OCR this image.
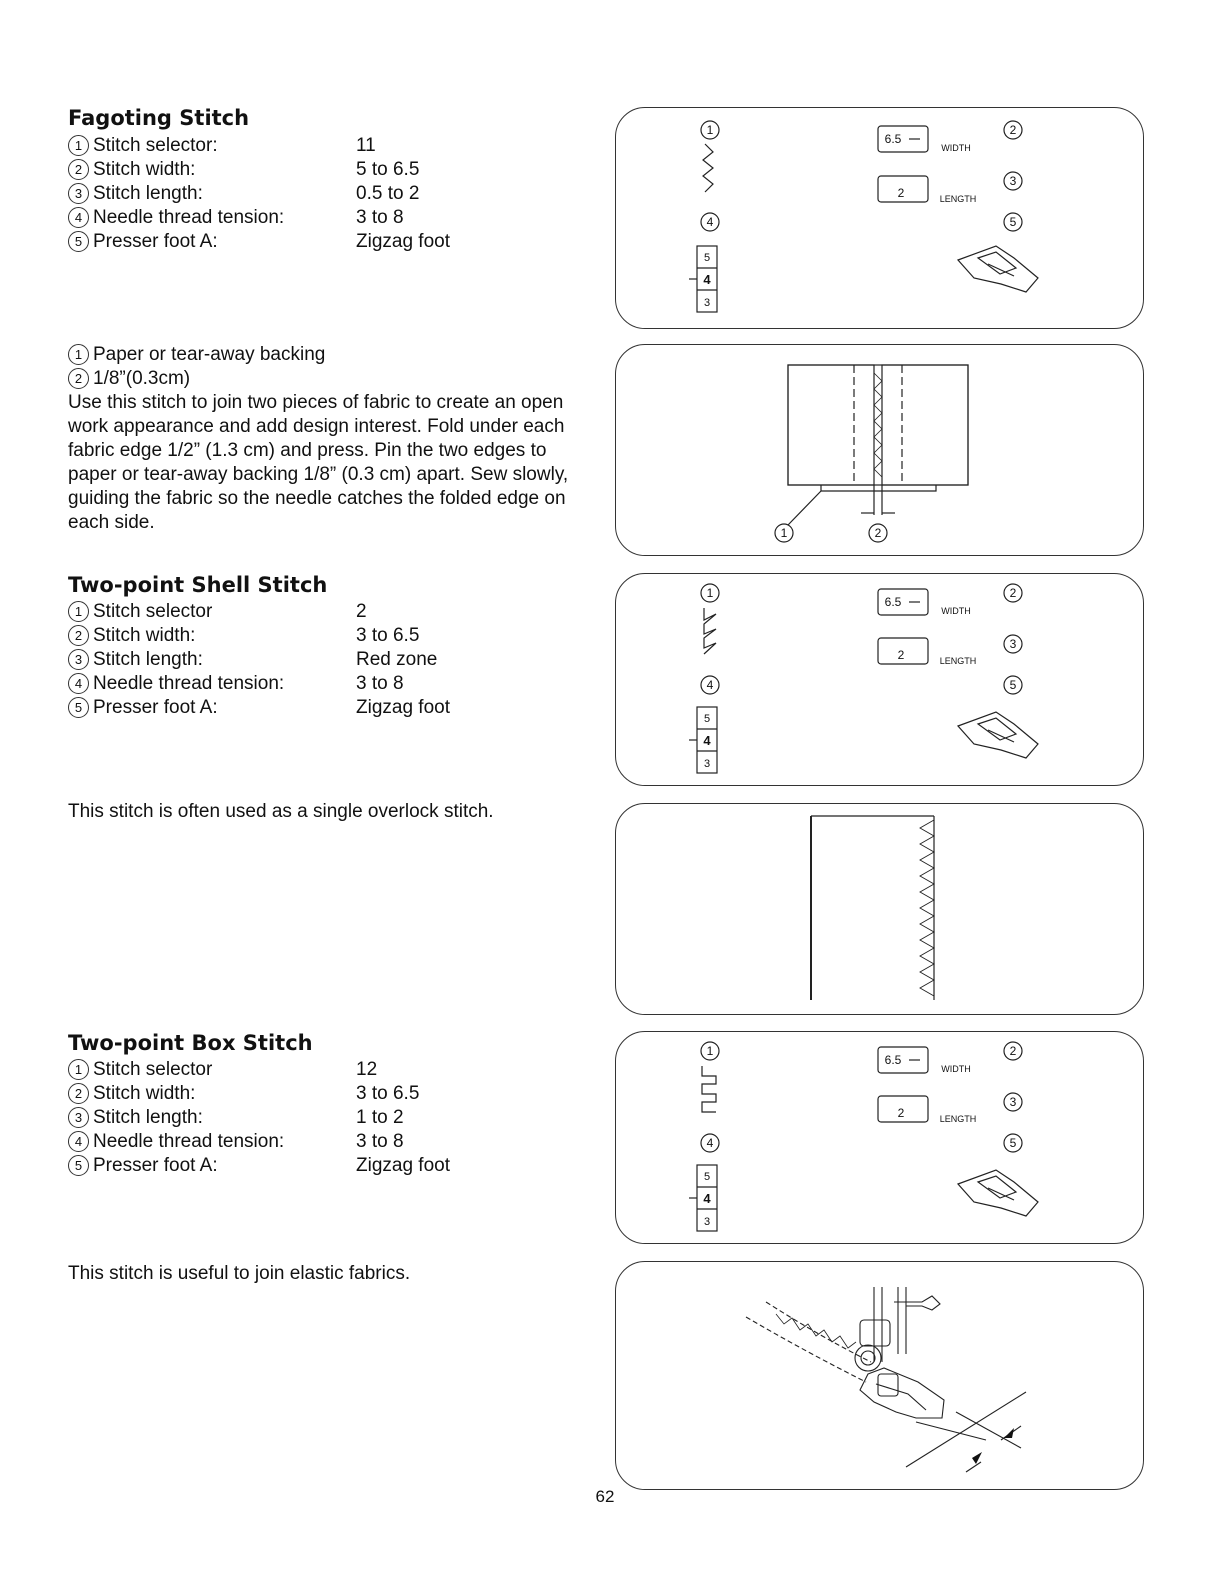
Fagoting Stitch
1 Stitch selector:	11
2 Stitch width:	5 to 6.5
3 Stitch length:	0.5 to 2
4 Needle thread tension:	3 to 8
5 Presser foot A:	Zigzag foot
1 Paper or tear-away backing
2 1/8”(0.3cm)
Use this stitch to join two pieces of fabric to create an open work appearance and add design interest. Fold under each fabric edge 1/2” (1.3 cm) and press. Pin the two edges to paper or tear-away backing 1/8” (0.3 cm) apart. Sew slowly, guiding the fabric so the needle catches the folded edge on each side.
Two-point Shell Stitch
1 Stitch selector	2
2 Stitch width:	3 to 6.5
3 Stitch length:	Red zone
4 Needle thread tension:	3 to 8
5 Presser foot A:	Zigzag foot
This stitch is often used as a single overlock stitch.
Two-point Box Stitch
1 Stitch selector	12
2 Stitch width:	3 to 6.5
3 Stitch length:	1 to 2
4 Needle thread tension:	3 to 8
5 Presser foot A:	Zigzag foot
This stitch is useful to join elastic fabrics.
1	2
3
4	5
6.5
2
WIDTH
LENGTH
5
4
3
1	2
1	2
3
4	5
6.5
2
WIDTH
LENGTH
5
4
3
1	2
3
4	5
6.5
2
WIDTH
LENGTH
5
4
3
62
